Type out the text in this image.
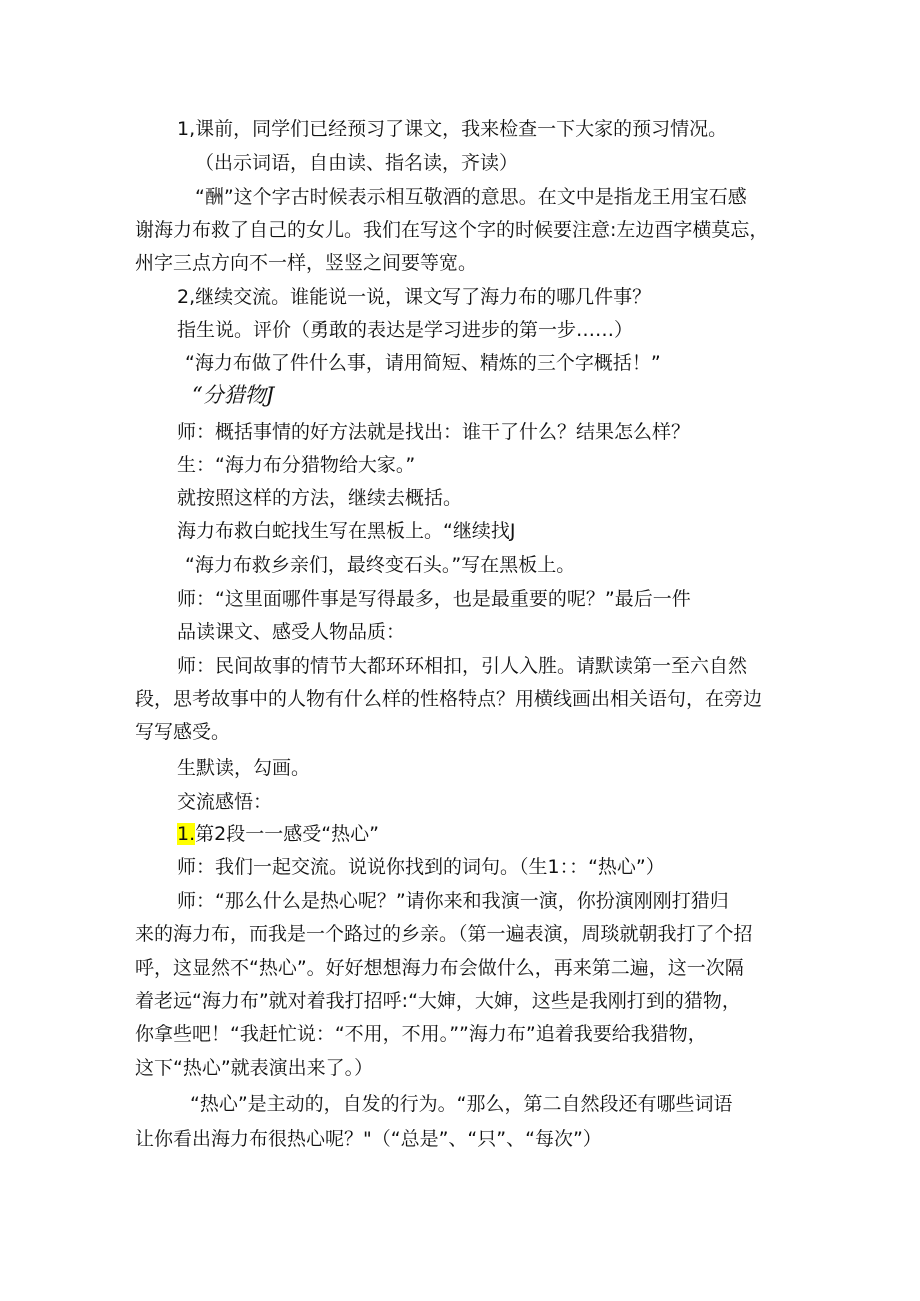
1,课前，同学们已经预习了课文，我来检查一下大家的预习情况。
（出示词语，自由读、指名读，齐读）
“酬”这个字古时候表示相互敬酒的意思。在文中是指龙王用宝石感
谢海力布救了自己的女儿。我们在写这个字的时候要注意:左边酉字横莫忘，
州字三点方向不一样，竖竖之间要等宽。
2,继续交流。谁能说一说，课文写了海力布的哪几件事？
指生说。评价（勇敢的表达是学习进步的第一步……）
“海力布做了件什么事，请用简短、精炼的三个字概括！”
“分猎物J
师：概括事情的好方法就是找出：谁干了什么？结果怎么样？
生：“海力布分猎物给大家。”
就按照这样的方法，继续去概括。
海力布救白蛇找生写在黑板上。“继续找J
“海力布救乡亲们，最终变石头。”写在黑板上。
师：“这里面哪件事是写得最多，也是最重要的呢？”最后一件
品读课文、感受人物品质：
师：民间故事的情节大都环环相扣，引人入胜。请默读第一至六自然
段，思考故事中的人物有什么样的性格特点？用横线画出相关语句，在旁边
写写感受。
生默读，勾画。
交流感悟：
1.第2段一一感受“热心”
师：我们一起交流。说说你找到的词句。（生1：：“热心”）
师：“那么什么是热心呢？”请你来和我演一演，你扮演刚刚打猎归
来的海力布，而我是一个路过的乡亲。（第一遍表演，周琰就朝我打了个招
呼，这显然不“热心”。好好想想海力布会做什么，再来第二遍，这一次隔
着老远“海力布”就对着我打招呼:“大婶，大婶，这些是我刚打到的猎物，
你拿些吧！“我赶忙说：“不用，不用。””海力布”追着我要给我猎物，
这下“热心”就表演出来了。）
“热心”是主动的，自发的行为。“那么，第二自然段还有哪些词语
让你看出海力布很热心呢？"（“总是”、“只”、“每次”）
